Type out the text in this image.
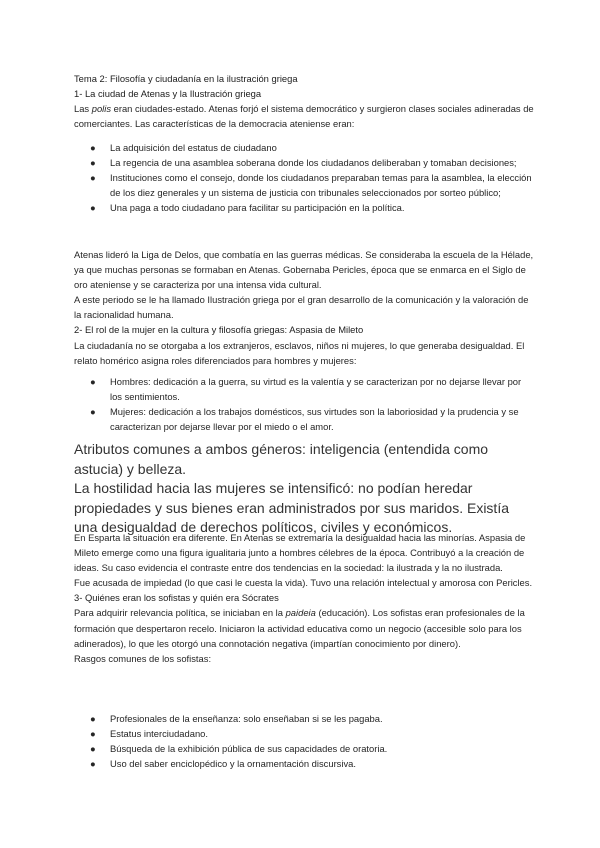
Tema 2: Filosofía y ciudadanía en la ilustración griega

1- La ciudad de Atenas y la Ilustración griega

Las polis eran ciudades-estado. Atenas forjó el sistema democrático y surgieron clases sociales adineradas de comerciantes. Las características de la democracia ateniense eran:

● La adquisición del estatus de ciudadano
● La regencia de una asamblea soberana donde los ciudadanos deliberaban y tomaban decisiones;
● Instituciones como el consejo, donde los ciudadanos preparaban temas para la asamblea, la elección de los diez generales y un sistema de justicia con tribunales seleccionados por sorteo público;
● Una paga a todo ciudadano para facilitar su participación en la política.

Atenas lideró la Liga de Delos, que combatía en las guerras médicas. Se consideraba la escuela de la Hélade, ya que muchas personas se formaban en Atenas. Gobernaba Pericles, época que se enmarca en el Siglo de oro ateniense y se caracteriza por una intensa vida cultural.

A este periodo se le ha llamado Ilustración griega por el gran desarrollo de la comunicación y la valoración de la racionalidad humana.

2- El rol de la mujer en la cultura y filosofía griegas: Aspasia de Mileto

La ciudadanía no se otorgaba a los extranjeros, esclavos, niños ni mujeres, lo que generaba desigualdad. El relato homérico asigna roles diferenciados para hombres y mujeres:

● Hombres: dedicación a la guerra, su virtud es la valentía y se caracterizan por no dejarse llevar por los sentimientos.
● Mujeres: dedicación a los trabajos domésticos, sus virtudes son la laboriosidad y la prudencia y se caracterizan por dejarse llevar por el miedo o el amor.

Atributos comunes a ambos géneros: inteligencia (entendida como astucia) y belleza.

La hostilidad hacia las mujeres se intensificó: no podían heredar propiedades y sus bienes eran administrados por sus maridos. Existía una desigualdad de derechos políticos, civiles y económicos.

En Esparta la situación era diferente. En Atenas se extremaría la desigualdad hacia las minorías. Aspasia de Mileto emerge como una figura igualitaria junto a hombres célebres de la época. Contribuyó a la creación de ideas. Su caso evidencia el contraste entre dos tendencias en la sociedad: la ilustrada y la no ilustrada.

Fue acusada de impiedad (lo que casi le cuesta la vida). Tuvo una relación intelectual y amorosa con Pericles.

3- Quiénes eran los sofistas y quién era Sócrates

Para adquirir relevancia política, se iniciaban en la paideia (educación). Los sofistas eran profesionales de la formación que despertaron recelo. Iniciaron la actividad educativa como un negocio (accesible solo para los adinerados), lo que les otorgó una connotación negativa (impartían conocimiento por dinero).

Rasgos comunes de los sofistas:

● Profesionales de la enseñanza: solo enseñaban si se les pagaba.
● Estatus interciudadano.
● Búsqueda de la exhibición pública de sus capacidades de oratoria.
● Uso del saber enciclopédico y la ornamentación discursiva.
